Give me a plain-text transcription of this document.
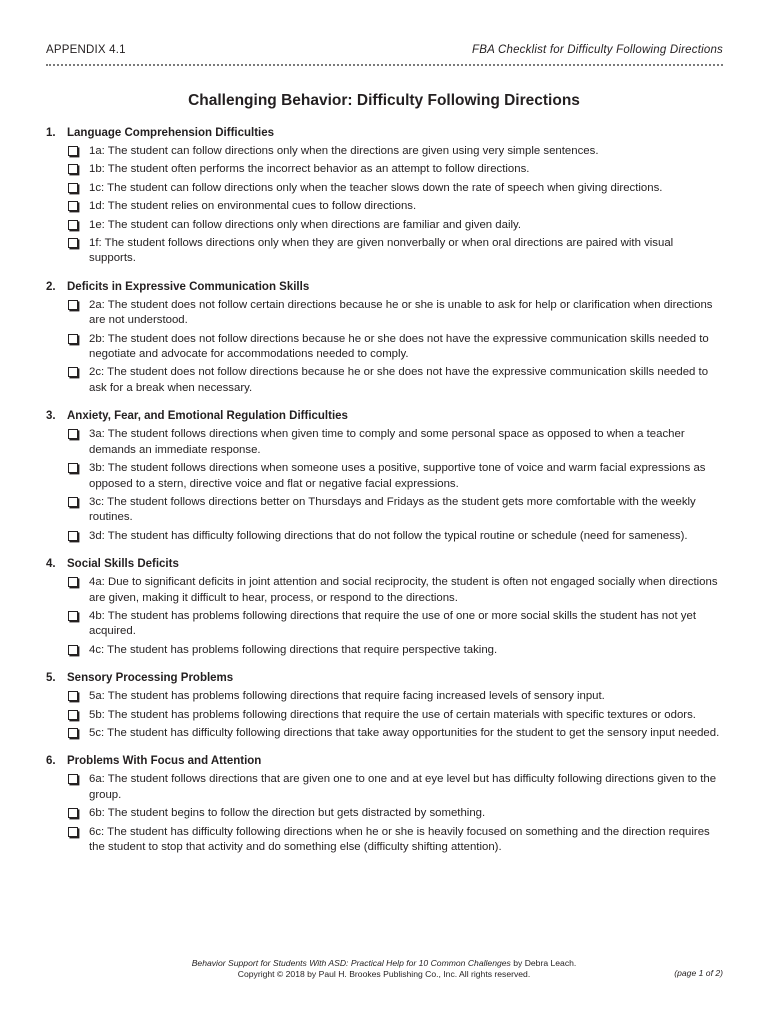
APPENDIX 4.1	FBA Checklist for Difficulty Following Directions
Challenging Behavior: Difficulty Following Directions
1. Language Comprehension Difficulties
1a: The student can follow directions only when the directions are given using very simple sentences.
1b: The student often performs the incorrect behavior as an attempt to follow directions.
1c: The student can follow directions only when the teacher slows down the rate of speech when giving directions.
1d: The student relies on environmental cues to follow directions.
1e: The student can follow directions only when directions are familiar and given daily.
1f: The student follows directions only when they are given nonverbally or when oral directions are paired with visual supports.
2. Deficits in Expressive Communication Skills
2a: The student does not follow certain directions because he or she is unable to ask for help or clarification when directions are not understood.
2b: The student does not follow directions because he or she does not have the expressive communication skills needed to negotiate and advocate for accommodations needed to comply.
2c: The student does not follow directions because he or she does not have the expressive communication skills needed to ask for a break when necessary.
3. Anxiety, Fear, and Emotional Regulation Difficulties
3a: The student follows directions when given time to comply and some personal space as opposed to when a teacher demands an immediate response.
3b: The student follows directions when someone uses a positive, supportive tone of voice and warm facial expressions as opposed to a stern, directive voice and flat or negative facial expressions.
3c: The student follows directions better on Thursdays and Fridays as the student gets more comfortable with the weekly routines.
3d: The student has difficulty following directions that do not follow the typical routine or schedule (need for sameness).
4. Social Skills Deficits
4a: Due to significant deficits in joint attention and social reciprocity, the student is often not engaged socially when directions are given, making it difficult to hear, process, or respond to the directions.
4b: The student has problems following directions that require the use of one or more social skills the student has not yet acquired.
4c: The student has problems following directions that require perspective taking.
5. Sensory Processing Problems
5a: The student has problems following directions that require facing increased levels of sensory input.
5b: The student has problems following directions that require the use of certain materials with specific textures or odors.
5c: The student has difficulty following directions that take away opportunities for the student to get the sensory input needed.
6. Problems With Focus and Attention
6a: The student follows directions that are given one to one and at eye level but has difficulty following directions given to the group.
6b: The student begins to follow the direction but gets distracted by something.
6c: The student has difficulty following directions when he or she is heavily focused on something and the direction requires the student to stop that activity and do something else (difficulty shifting attention).
Behavior Support for Students With ASD: Practical Help for 10 Common Challenges by Debra Leach.
Copyright © 2018 by Paul H. Brookes Publishing Co., Inc. All rights reserved.	(page 1 of 2)
